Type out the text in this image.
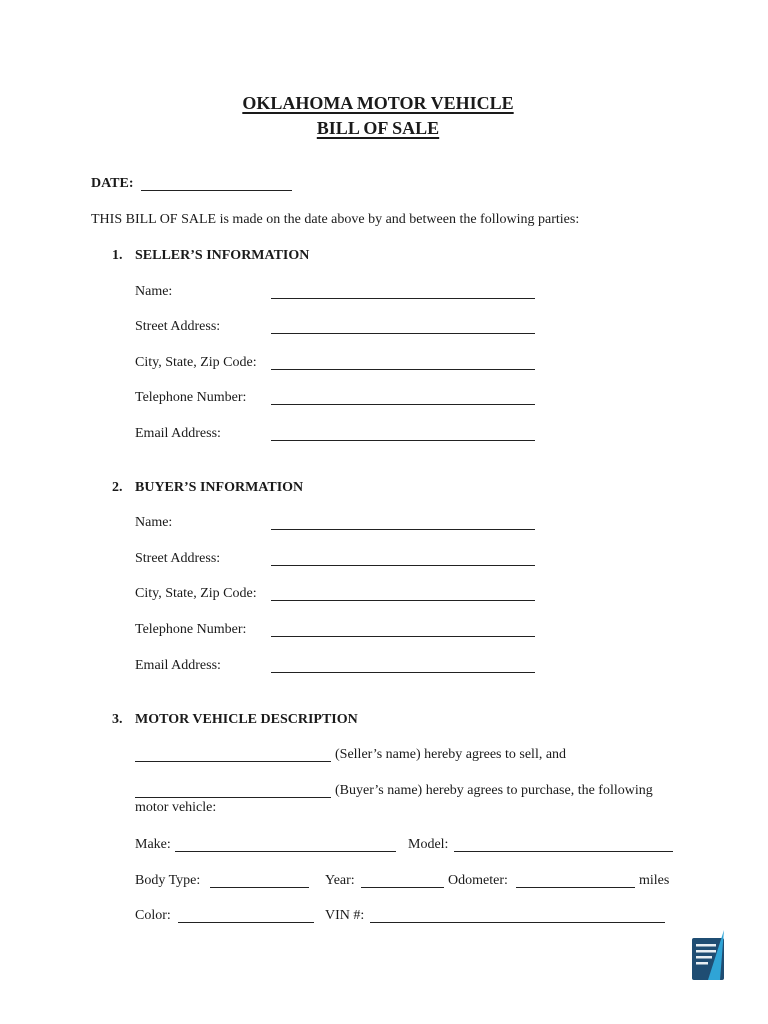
OKLAHOMA MOTOR VEHICLE
BILL OF SALE
DATE:
THIS BILL OF SALE is made on the date above by and between the following parties:
1. SELLER’S INFORMATION
Name:
Street Address:
City, State, Zip Code:
Telephone Number:
Email Address:
2. BUYER’S INFORMATION
Name:
Street Address:
City, State, Zip Code:
Telephone Number:
Email Address:
3. MOTOR VEHICLE DESCRIPTION
(Seller’s name) hereby agrees to sell, and
(Buyer’s name) hereby agrees to purchase, the following
motor vehicle:
Make:	Model:
Body Type:	Year:	Odometer:	miles
Color:	VIN #:
